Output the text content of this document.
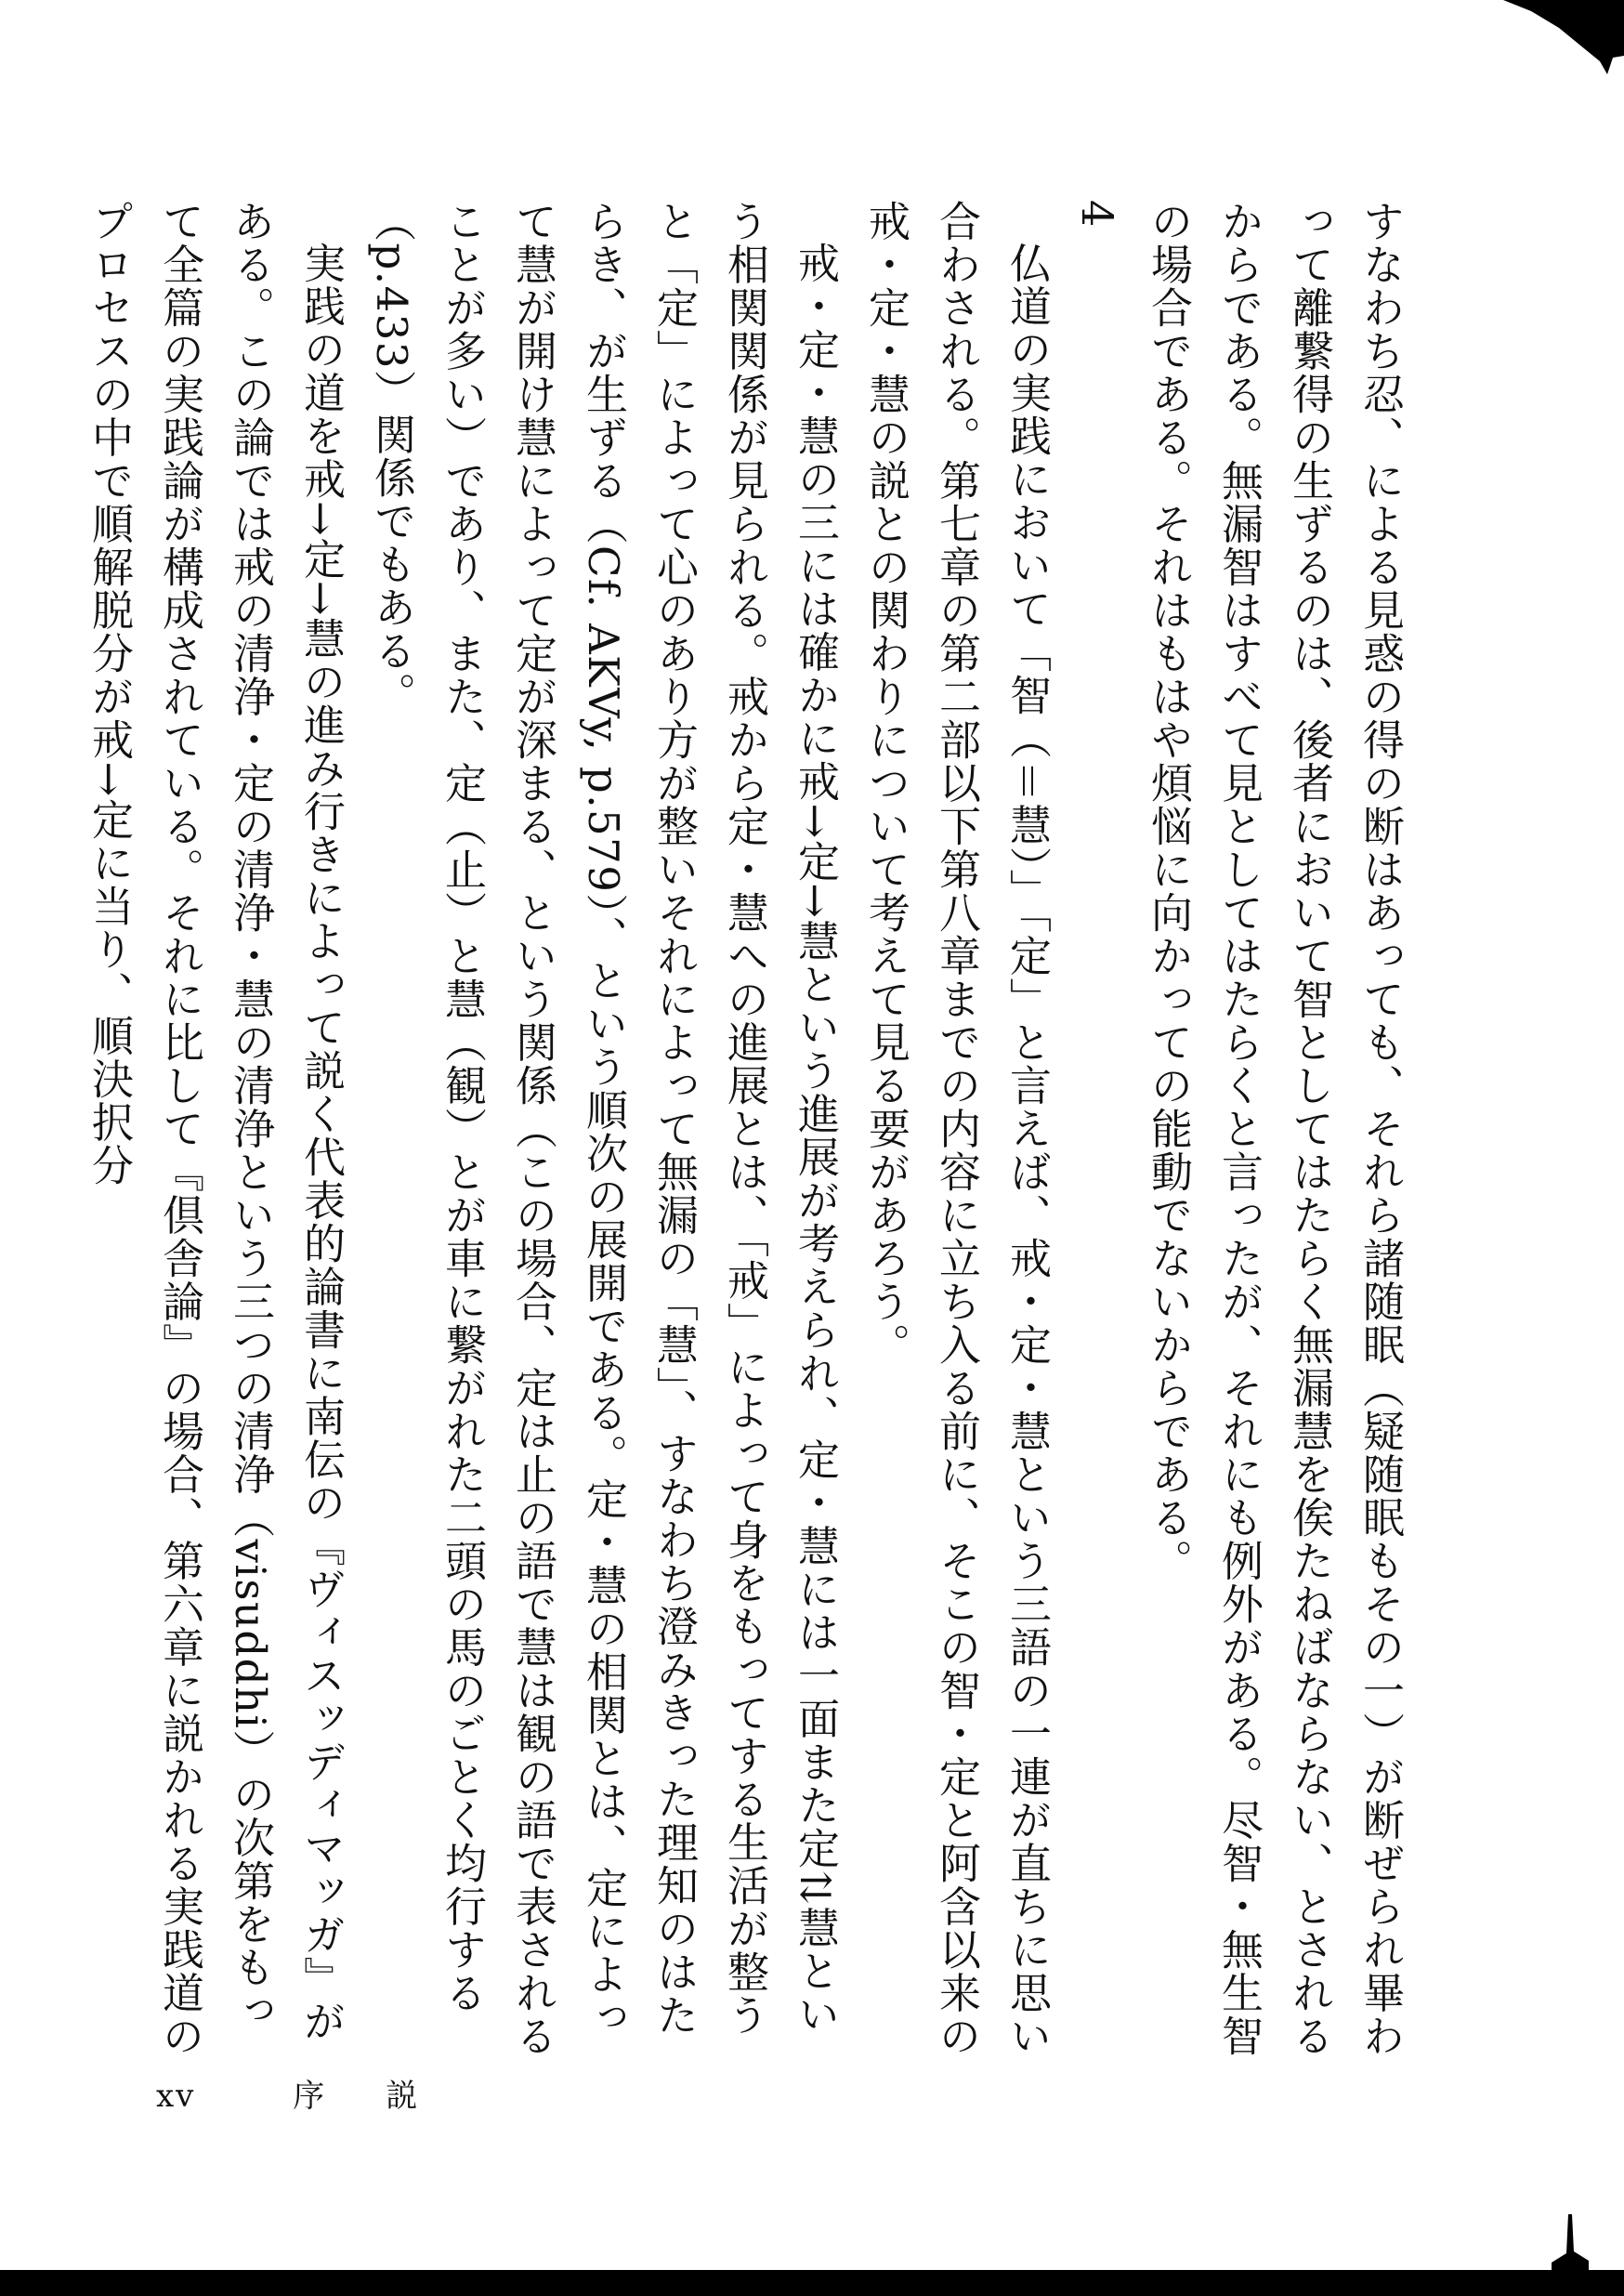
すなわち忍、による見惑の得の断はあっても、それら諸随眠（疑随眠もその一）が断ぜられ畢わって離繋得の生ずるのは、後者において智としてはたらく無漏慧を俟たねばならない、とされるからである。無漏智はすべて見としてはたらくと言ったが、それにも例外がある。尽智・無生智の場合である。それはもはや煩悩に向かっての能動でないからである。

4

仏道の実践において「智（＝慧）」「定」と言えば、戒・定・慧という三語の一連が直ちに思い合わされる。第七章の第二部以下第八章までの内容に立ち入る前に、そこの智・定と阿含以来の戒・定・慧の説との関わりについて考えて見る要があろう。

戒・定・慧の三には確かに戒→定→慧という進展が考えられ、定・慧には一面また定⇅慧という相関関係が見られる。戒から定・慧への進展とは、「戒」によって身をもってする生活が整うと「定」によって心のあり方が整いそれによって無漏の「慧」、すなわち澄みきった理知のはたらき、が生ずる（Cf. AKVy, p.579）、という順次の展開である。定・慧の相関とは、定によって慧が開け慧によって定が深まる、という関係（この場合、定は止の語で慧は観の語で表されることが多い）であり、また、定（止）と慧（観）とが車に繋がれた二頭の馬のごとく均行する（p.433）関係でもある。

実践の道を戒→定→慧の進み行きによって説く代表的論書に南伝の『ヴィスッディマッガ』がある。この論では戒の清浄・定の清浄・慧の清浄という三つの清浄（visuddhi）の次第をもって全篇の実践論が構成されている。それに比して『倶舎論』の場合、第六章に説かれる実践道のプロセスの中で順解脱分が戒→定に当り、順決択分

xv	序説
